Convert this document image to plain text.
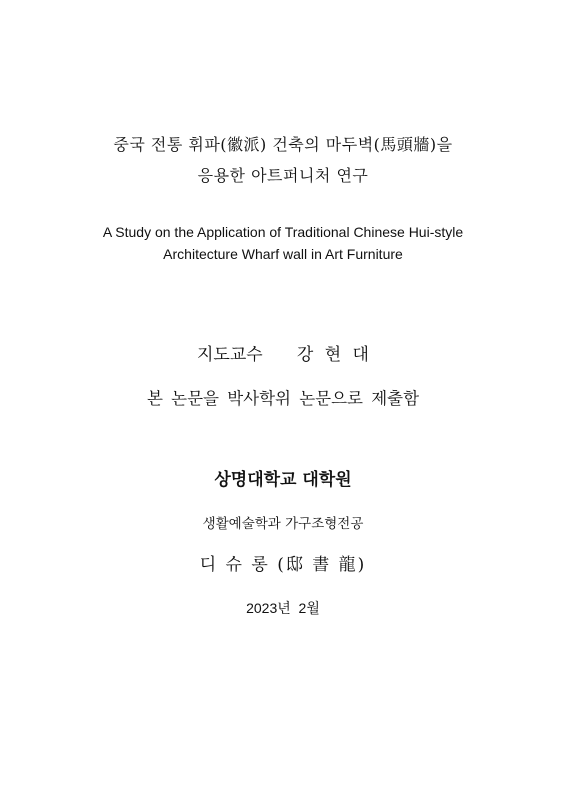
중국 전통 휘파(徽派) 건축의 마두벽(馬頭牆)을
응용한 아트퍼니처 연구
A Study on the Application of Traditional Chinese Hui-style
Architecture Wharf wall in Art Furniture
지도교수   강 현 대
본 논문을 박사학위 논문으로 제출함
상명대학교 대학원
생활예술학과 가구조형전공
디 슈 롱 (邸 書 龍)
2023년  2월
